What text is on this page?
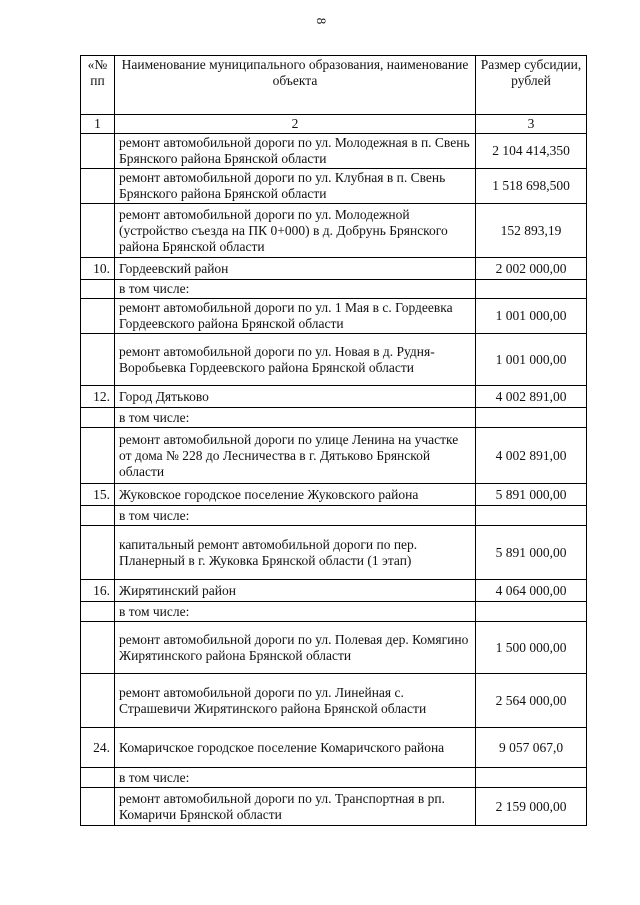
8
«№ пп	Наименование муниципального образования, наименование объекта	Размер субсидии, рублей
1	2	3
	ремонт автомобильной дороги по ул. Молодежная в п. Свень Брянского района Брянской области	2 104 414,350
	ремонт автомобильной дороги по ул. Клубная в п. Свень Брянского района Брянской области	1 518 698,500
	ремонт автомобильной дороги по ул. Молодежной (устройство съезда на ПК 0+000) в д. Добрунь Брянского района Брянской области	152 893,19
10.	Гордеевский район	2 002 000,00
	в том числе:	
	ремонт автомобильной дороги по ул. 1 Мая в с. Гордеевка Гордеевского района Брянской области	1 001 000,00
	ремонт автомобильной дороги по ул. Новая в д. Рудня-Воробьевка Гордеевского района Брянской области	1 001 000,00
12.	Город Дятьково	4 002 891,00
	в том числе:	
	ремонт автомобильной дороги по улице Ленина на участке от дома № 228 до Лесничества в г. Дятьково Брянской области	4 002 891,00
15.	Жуковское городское поселение Жуковского района	5 891 000,00
	в том числе:	
	капитальный ремонт автомобильной дороги по пер. Планерный в г. Жуковка Брянской области (1 этап)	5 891 000,00
16.	Жирятинский район	4 064 000,00
	в том числе:	
	ремонт автомобильной дороги по ул. Полевая дер. Комягино Жирятинского района Брянской области	1 500 000,00
	ремонт автомобильной дороги по ул. Линейная с. Страшевичи Жирятинского района Брянской области	2 564 000,00
24.	Комаричское городское поселение Комаричского района	9 057 067,0
	в том числе:	
	ремонт автомобильной дороги по ул. Транспортная в рп. Комаричи Брянской области	2 159 000,00
